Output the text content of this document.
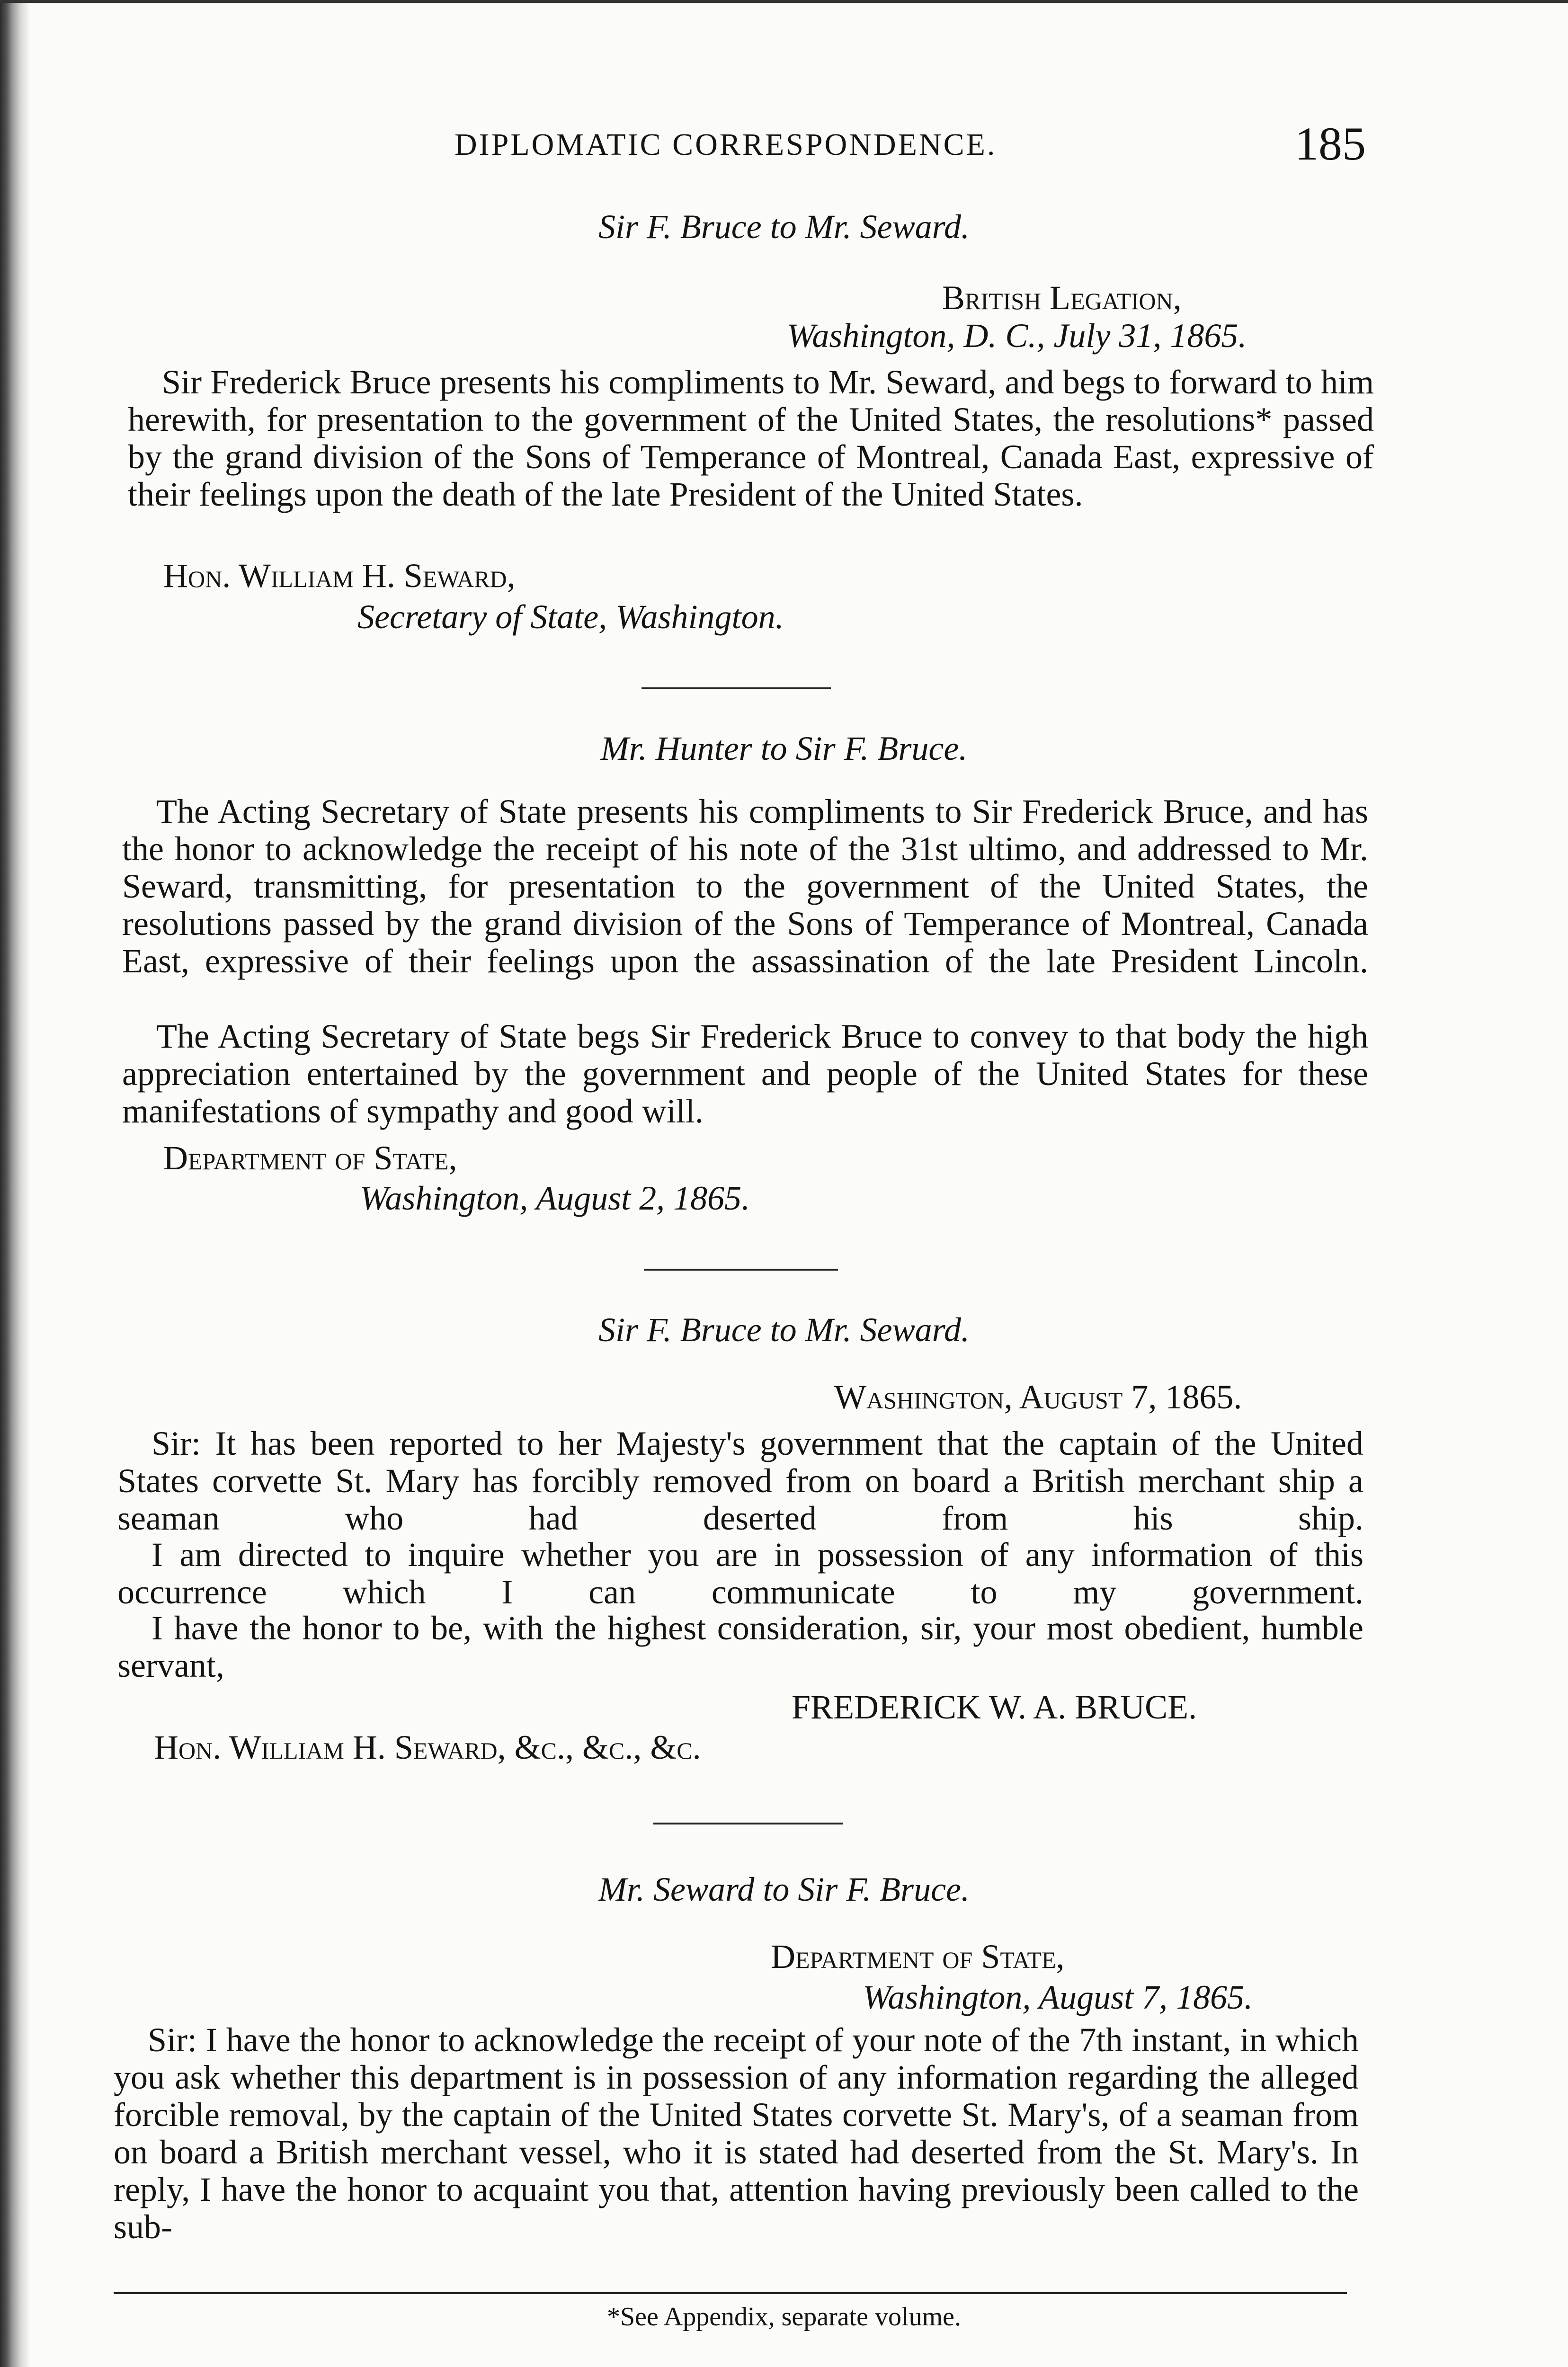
DIPLOMATIC CORRESPONDENCE.	185
Sir F. Bruce to Mr. Seward.
British Legation,
Washington, D. C., July 31, 1865.
Sir Frederick Bruce presents his compliments to Mr. Seward, and begs to forward to him herewith, for presentation to the government of the United States, the resolutions* passed by the grand division of the Sons of Temperance of Montreal, Canada East, expressive of their feelings upon the death of the late President of the United States.
Hon. William H. Seward,
Secretary of State, Washington.
Mr. Hunter to Sir F. Bruce.
The Acting Secretary of State presents his compliments to Sir Frederick Bruce, and has the honor to acknowledge the receipt of his note of the 31st ultimo, and addressed to Mr. Seward, transmitting, for presentation to the government of the United States, the resolutions passed by the grand division of the Sons of Temperance of Montreal, Canada East, expressive of their feelings upon the assassination of the late President Lincoln.
The Acting Secretary of State begs Sir Frederick Bruce to convey to that body the high appreciation entertained by the government and people of the United States for these manifestations of sympathy and good will.
Department of State,
Washington, August 2, 1865.
Sir F. Bruce to Mr. Seward.
Washington, August 7, 1865.
Sir: It has been reported to her Majesty's government that the captain of the United States corvette St. Mary has forcibly removed from on board a British merchant ship a seaman who had deserted from his ship.
I am directed to inquire whether you are in possession of any information of this occurrence which I can communicate to my government.
I have the honor to be, with the highest consideration, sir, your most obedient, humble servant,
FREDERICK W. A. BRUCE.
Hon. William H. Seward, &c., &c., &c.
Mr. Seward to Sir F. Bruce.
Department of State,
Washington, August 7, 1865.
Sir: I have the honor to acknowledge the receipt of your note of the 7th instant, in which you ask whether this department is in possession of any information regarding the alleged forcible removal, by the captain of the United States corvette St. Mary's, of a seaman from on board a British merchant vessel, who it is stated had deserted from the St. Mary's. In reply, I have the honor to acquaint you that, attention having previously been called to the sub-
*See Appendix, separate volume.
